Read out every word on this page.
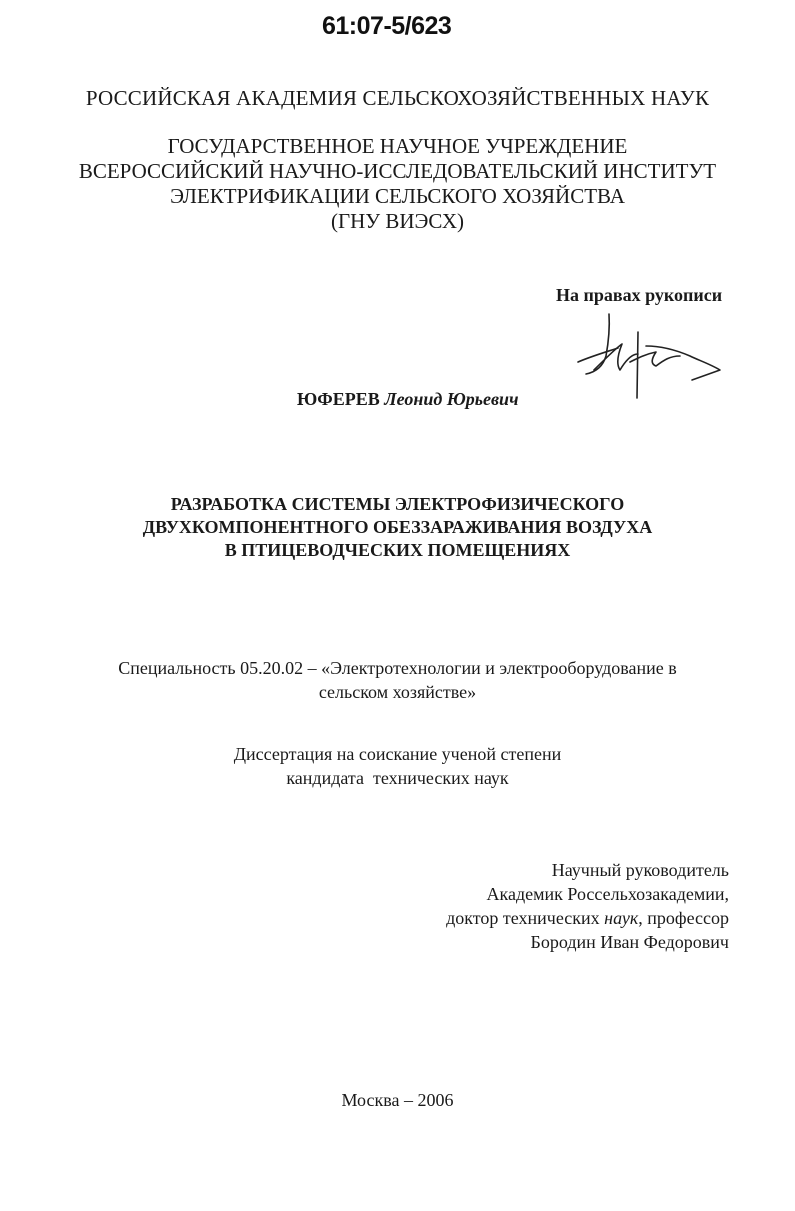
61:07-5/623
РОССИЙСКАЯ АКАДЕМИЯ СЕЛЬСКОХОЗЯЙСТВЕННЫХ НАУК
ГОСУДАРСТВЕННОЕ НАУЧНОЕ УЧРЕЖДЕНИЕ
ВСЕРОССИЙСКИЙ НАУЧНО-ИССЛЕДОВАТЕЛЬСКИЙ ИНСТИТУТ
ЭЛЕКТРИФИКАЦИИ СЕЛЬСКОГО ХОЗЯЙСТВА
(ГНУ ВИЭСХ)
На правах рукописи
ЮФЕРЕВ Леонид Юрьевич
РАЗРАБОТКА СИСТЕМЫ ЭЛЕКТРОФИЗИЧЕСКОГО
ДВУХКОМПОНЕНТНОГО ОБЕЗЗАРАЖИВАНИЯ ВОЗДУХА
В ПТИЦЕВОДЧЕСКИХ ПОМЕЩЕНИЯХ
Специальность 05.20.02 – «Электротехнологии и электрооборудование в
сельском хозяйстве»
Диссертация на соискание ученой степени
кандидата  технических наук
Научный руководитель
Академик Россельхозакадемии,
доктор технических наук, профессор
Бородин Иван Федорович
Москва – 2006
